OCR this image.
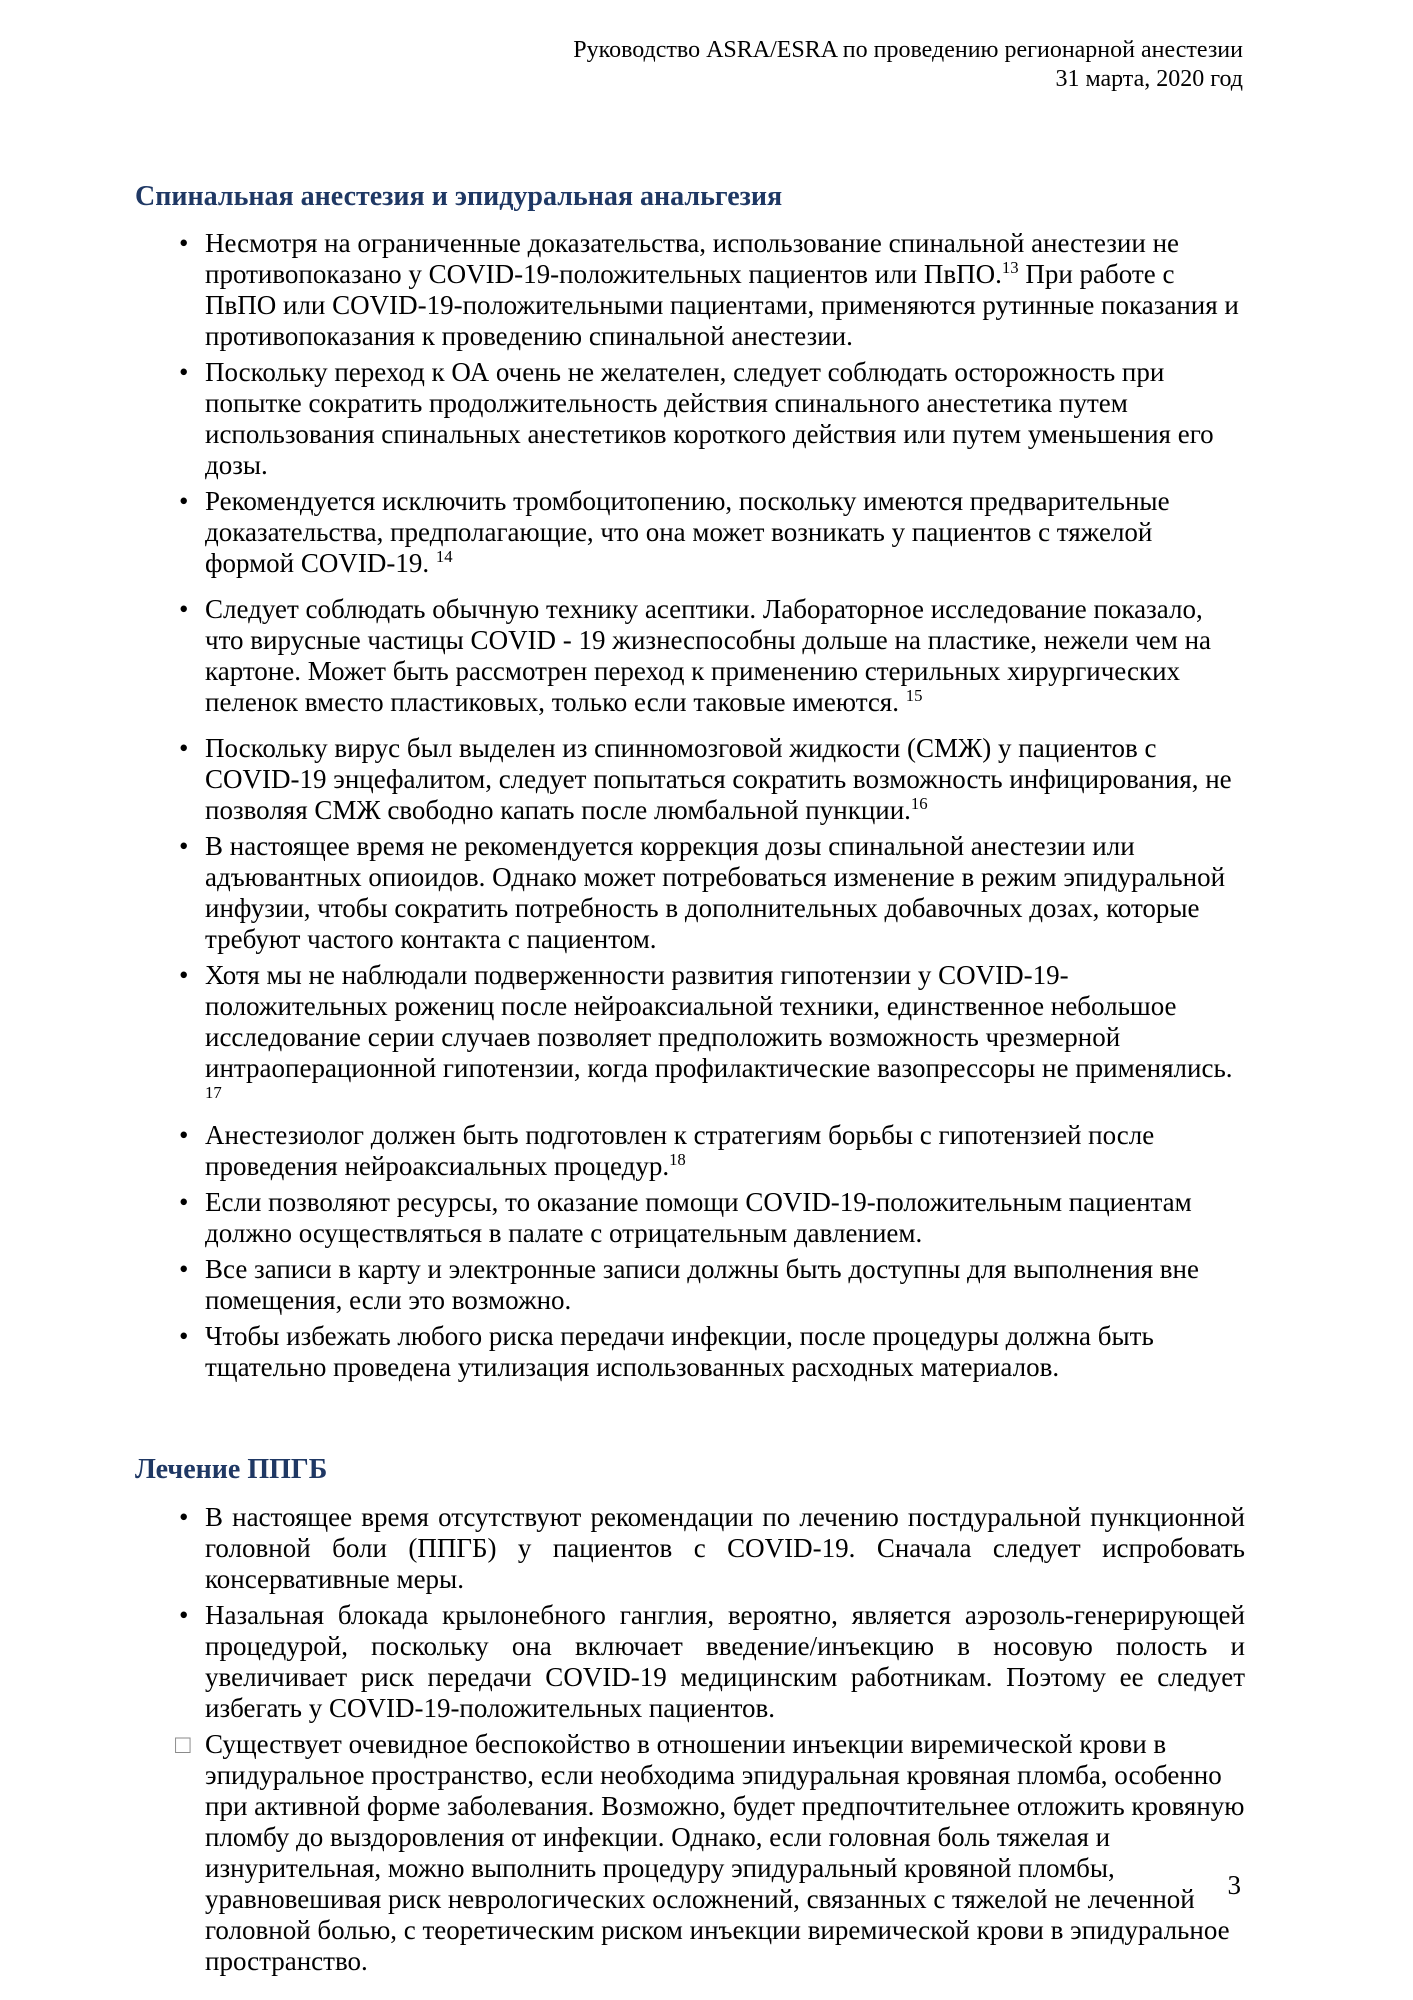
Руководство ASRA/ESRA по проведению регионарной анестезии
31 марта, 2020 год
Спинальная анестезия и эпидуральная анальгезия
• Несмотря на ограниченные доказательства, использование спинальной анестезии не противопоказано у COVID-19-положительных пациентов или ПвПО.$^{13}$ При работе с ПвПО или COVID-19-положительными пациентами, применяются рутинные показания и противопоказания к проведению спинальной анестезии.
• Поскольку переход к ОА очень не желателен, следует соблюдать осторожность при попытке сократить продолжительность действия спинального анестетика путем использования спинальных анестетиков короткого действия или путем уменьшения его дозы.
• Рекомендуется исключить тромбоцитопению, поскольку имеются предварительные доказательства, предполагающие, что она может возникать у пациентов с тяжелой формой COVID-19. $^{14}$
• Следует соблюдать обычную технику асептики. Лабораторное исследование показало, что вирусные частицы COVID - 19 жизнеспособны дольше на пластике, нежели чем на картоне. Может быть рассмотрен переход к применению стерильных хирургических пеленок вместо пластиковых, только если таковые имеются. $^{15}$
• Поскольку вирус был выделен из спинномозговой жидкости (СМЖ) у пациентов с COVID-19 энцефалитом, следует попытаться сократить возможность инфицирования, не позволяя СМЖ свободно капать после люмбальной пункции.$^{16}$
• В настоящее время не рекомендуется коррекция дозы спинальной анестезии или адъювантных опиоидов. Однако может потребоваться изменение в режим эпидуральной инфузии, чтобы сократить потребность в дополнительных добавочных дозах, которые требуют частого контакта с пациентом.
• Хотя мы не наблюдали подверженности развития гипотензии у COVID-19-положительных рожениц после нейроаксиальной техники, единственное небольшое исследование серии случаев позволяет предположить возможность чрезмерной интраоперационной гипотензии, когда профилактические вазопрессоры не применялись. $^{17}$
• Анестезиолог должен быть подготовлен к стратегиям борьбы с гипотензией после проведения нейроаксиальных процедур.$^{18}$
• Если позволяют ресурсы, то оказание помощи COVID-19-положительным пациентам должно осуществляться в палате с отрицательным давлением.
• Все записи в карту и электронные записи должны быть доступны для выполнения вне помещения, если это возможно.
• Чтобы избежать любого риска передачи инфекции, после процедуры должна быть тщательно проведена утилизация использованных расходных материалов.
Лечение ППГБ
• В настоящее время отсутствуют рекомендации по лечению постдуральной пункционной головной боли (ППГБ) у пациентов с COVID-19. Сначала следует испробовать консервативные меры.
• Назальная блокада крылонебного ганглия, вероятно, является аэрозоль-генерирующей процедурой, поскольку она включает введение/инъекцию в носовую полость и увеличивает риск передачи COVID-19 медицинским работникам. Поэтому ее следует избегать у COVID-19-положительных пациентов.
□ Существует очевидное беспокойство в отношении инъекции виремической крови в эпидуральное пространство, если необходима эпидуральная кровяная пломба, особенно при активной форме заболевания. Возможно, будет предпочтительнее отложить кровяную пломбу до выздоровления от инфекции. Однако, если головная боль тяжелая и изнурительная, можно выполнить процедуру эпидуральный кровяной пломбы, уравновешивая риск неврологических осложнений, связанных с тяжелой не леченной головной болью, с теоретическим риском инъекции виремической крови в эпидуральное пространство.
3
